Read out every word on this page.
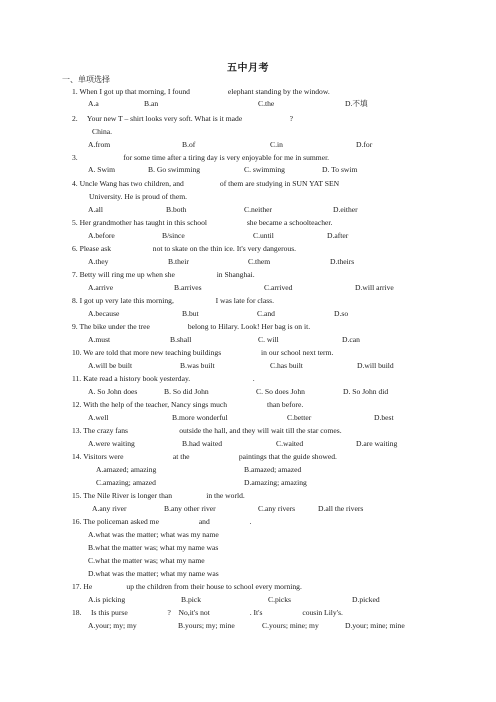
五中月考
一、单项选择
1. When I got up that morning, I found                    elephant standing by the window.
A.a	B.an	C.the	D.不填
2.     Your new T – shirt looks very soft. What is it made                         ?
China.
A.from	B.of	C.in	D.for
3.                        for some time after a tiring day is very enjoyable for me in summer.
A. Swim	B. Go swimming	C. swimming	D. To swim
4. Uncle Wang has two children, and                   of them are studying in SUN YAT SEN
University. He is proud of them.
A.all	B.both	C.neither	D.either
5. Her grandmother has taught in this school                     she became a schoolteacher.
A.before	B/since	C.until	D.after
6. Please ask                      not to skate on the thin ice. It's very dangerous.
A.they	B.their	C.them	D.theirs
7. Betty will ring me up when she                      in Shanghai.
A.arrive	B.arrives	C.arrived	D.will arrive
8. I got up very late this morning,                      I was late for class.
A.because	B.but	C.and	D.so
9. The bike under the tree                    belong to Hilary. Look! Her bag is on it.
A.must	B.shall	C. will	D.can
10. We are told that more new teaching buildings                     in our school next term.
A.will be built	B.was built	C.has built	D.will build
11. Kate read a history book yesterday.                                 .
A. So John does	B. So did John	C. So does John	D. So John did
12. With the help of the teacher, Nancy sings much                     than before.
A.well	B.more wonderful	C.better	D.best
13. The crazy fans                           outside the hall, and they will wait till the star comes.
A.were waiting	B.had waited	C.waited	D.are waiting
14. Visitors were                          at the                          paintings that the guide showed.
A.amazed; amazing	B.amazed; amazed
C.amazing; amazed	D.amazing; amazing
15. The Nile River is longer than                  in the world.
A.any river	B.any other river	C.any rivers	D.all the rivers
16. The policeman asked me                     and                     .
A.what was the matter; what was my name
B.what the matter was; what my name was
C.what the matter was; what my name
D.what was the matter; what my name was
17. He                  up the children from their house to school every morning.
A.is picking	B.pick	C.picks	D.picked
18.     Is this purse                     ?    No,it's not                     . It's                     cousin Lily's.
A.your; my; my	B.yours; my; mine	C.yours; mine; my	D.your; mine; mine
